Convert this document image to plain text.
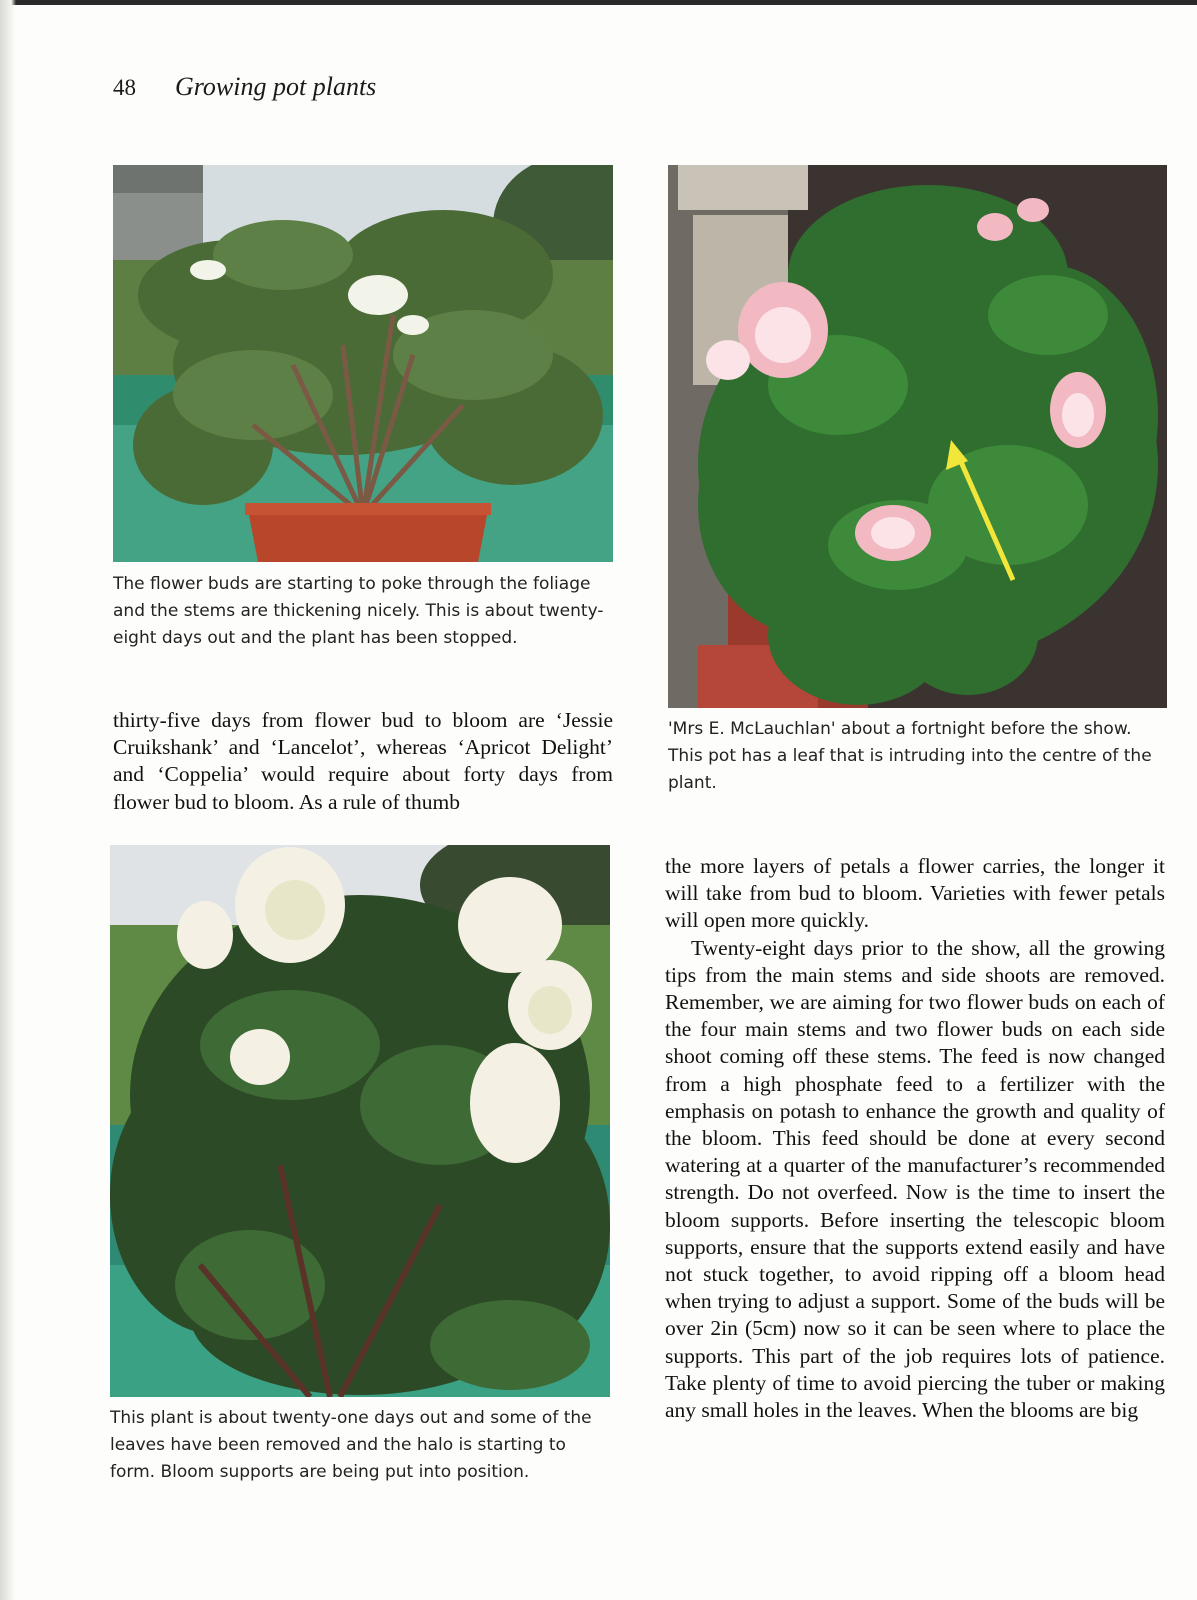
48 Growing pot plants
The flower buds are starting to poke through the foliage and the stems are thickening nicely. This is about twenty-eight days out and the plant has been stopped.
'Mrs E. McLauchlan' about a fortnight before the show. This pot has a leaf that is intruding into the centre of the plant.

thirty-five days from flower bud to bloom are ‘Jessie Cruikshank’ and ‘Lancelot’, whereas ‘Apricot Delight’ and ‘Coppelia’ would require about forty days from flower bud to bloom. As a rule of thumb

This plant is about twenty-one days out and some of the leaves have been removed and the halo is starting to form. Bloom supports are being put into position.

the more layers of petals a flower carries, the longer it will take from bud to bloom. Varieties with fewer petals will open more quickly.

Twenty-eight days prior to the show, all the growing tips from the main stems and side shoots are removed. Remember, we are aiming for two flower buds on each of the four main stems and two flower buds on each side shoot coming off these stems. The feed is now changed from a high phosphate feed to a fertilizer with the emphasis on potash to enhance the growth and quality of the bloom. This feed should be done at every second watering at a quarter of the manufacturer’s recommended strength. Do not overfeed. Now is the time to insert the bloom supports. Before inserting the telescopic bloom supports, ensure that the supports extend easily and have not stuck together, to avoid ripping off a bloom head when trying to adjust a support. Some of the buds will be over 2in (5cm) now so it can be seen where to place the supports. This part of the job requires lots of patience. Take plenty of time to avoid piercing the tuber or making any small holes in the leaves. When the blooms are big
